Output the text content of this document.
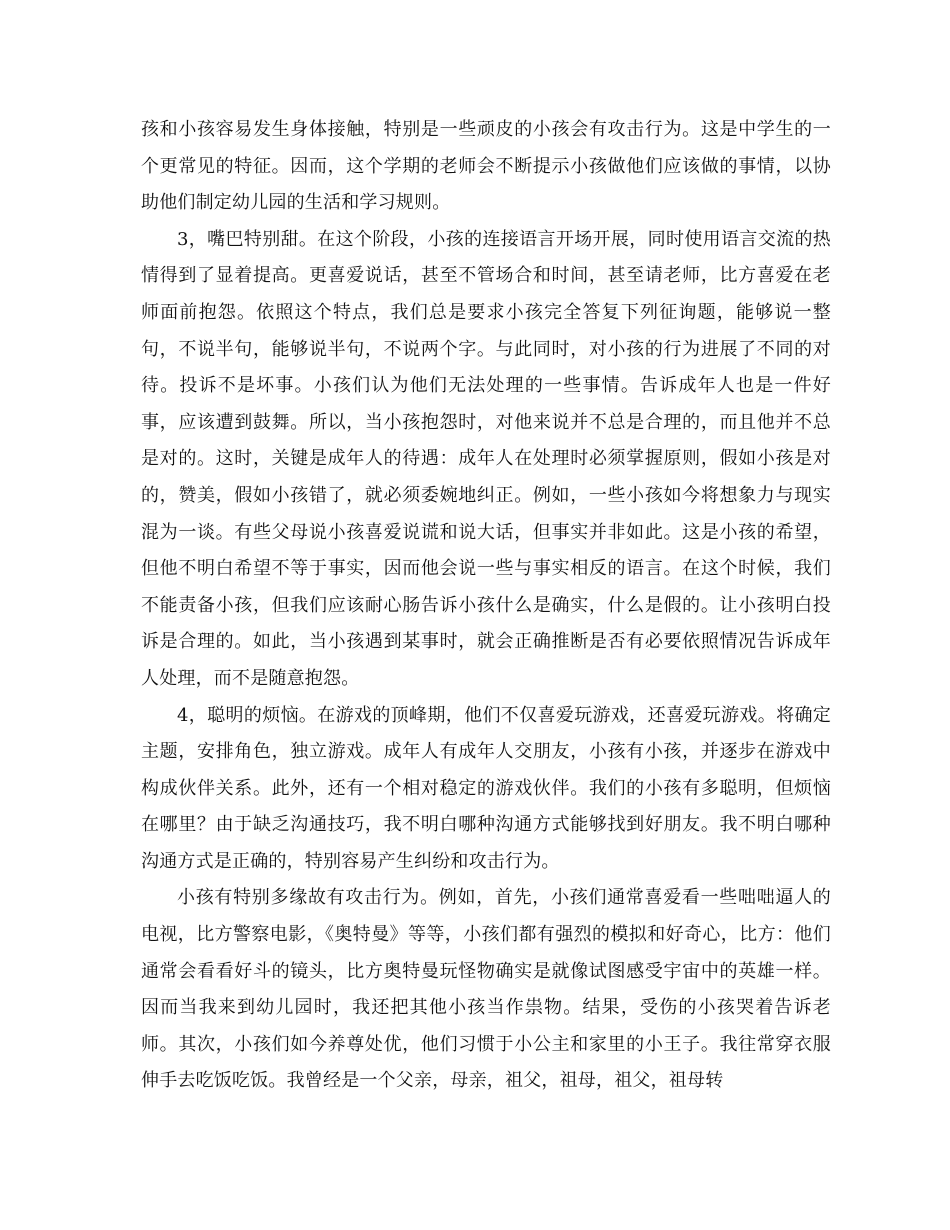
孩和小孩容易发生身体接触，特别是一些顽皮的小孩会有攻击行为。这是中学生的一个更常见的特征。因而，这个学期的老师会不断提示小孩做他们应该做的事情，以协助他们制定幼儿园的生活和学习规则。

3，嘴巴特别甜。在这个阶段，小孩的连接语言开场开展，同时使用语言交流的热情得到了显着提高。更喜爱说话，甚至不管场合和时间，甚至请老师，比方喜爱在老师面前抱怨。依照这个特点，我们总是要求小孩完全答复下列征询题，能够说一整句，不说半句，能够说半句，不说两个字。与此同时，对小孩的行为进展了不同的对待。投诉不是坏事。小孩们认为他们无法处理的一些事情。告诉成年人也是一件好事，应该遭到鼓舞。所以，当小孩抱怨时，对他来说并不总是合理的，而且他并不总是对的。这时，关键是成年人的待遇：成年人在处理时必须掌握原则，假如小孩是对的，赞美，假如小孩错了，就必须委婉地纠正。例如，一些小孩如今将想象力与现实混为一谈。有些父母说小孩喜爱说谎和说大话，但事实并非如此。这是小孩的希望，但他不明白希望不等于事实，因而他会说一些与事实相反的语言。在这个时候，我们不能责备小孩，但我们应该耐心肠告诉小孩什么是确实，什么是假的。让小孩明白投诉是合理的。如此，当小孩遇到某事时，就会正确推断是否有必要依照情况告诉成年人处理，而不是随意抱怨。

4，聪明的烦恼。在游戏的顶峰期，他们不仅喜爱玩游戏，还喜爱玩游戏。将确定主题，安排角色，独立游戏。成年人有成年人交朋友，小孩有小孩，并逐步在游戏中构成伙伴关系。此外，还有一个相对稳定的游戏伙伴。我们的小孩有多聪明，但烦恼在哪里？由于缺乏沟通技巧，我不明白哪种沟通方式能够找到好朋友。我不明白哪种沟通方式是正确的，特别容易产生纠纷和攻击行为。

小孩有特别多缘故有攻击行为。例如，首先，小孩们通常喜爱看一些咄咄逼人的电视，比方警察电影，《奥特曼》等等，小孩们都有强烈的模拟和好奇心，比方：他们通常会看看好斗的镜头，比方奥特曼玩怪物确实是就像试图感受宇宙中的英雄一样。因而当我来到幼儿园时，我还把其他小孩当作祟物。结果，受伤的小孩哭着告诉老师。其次，小孩们如今养尊处优，他们习惯于小公主和家里的小王子。我往常穿衣服伸手去吃饭吃饭。我曾经是一个父亲，母亲，祖父，祖母，祖父，祖母转
